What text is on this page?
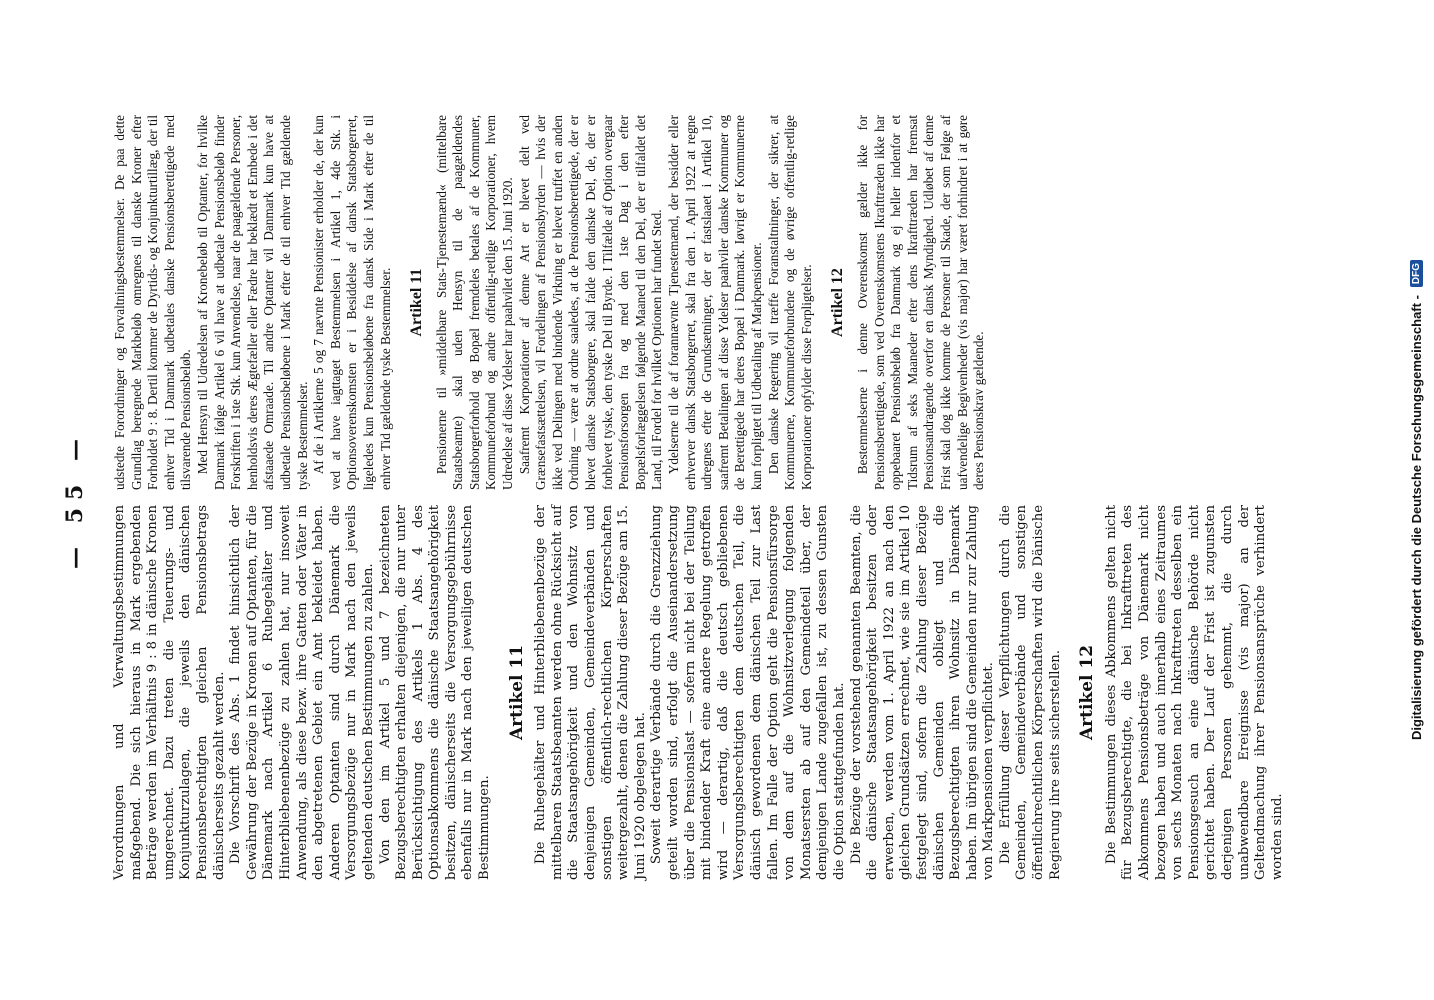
— 55 —

Verordnungen und Verwaltungsbestimmungen maßgebend. Die sich hieraus in Mark ergebenden Beträge werden im Verhältnis 9 : 8 in dänische Kronen umgerechnet. Dazu treten die Teuerungs- und Konjunkturzulagen, die jeweils den dänischen Pensionsberechtigten gleichen Pensionsbetrags dänischerseits gezahlt werden. Die Vorschrift des Abs. 1 findet hinsichtlich der Gewährung der Bezüge in Kronen auf Optanten, für die Dänemark nach Artikel 6 Ruhegehälter und Hinterbliebenenbezüge zu zahlen hat, nur insoweit Anwendung, als diese bezw. ihre Gatten oder Väter in den abgetretenen Gebiet ein Amt bekleidet haben. Anderen Optanten sind durch Dänemark die Versorgungsbezüge nur in Mark nach den jeweils geltenden deutschen Bestimmungen zu zahlen. Von den im Artikel 5 und 7 bezeichneten Bezugsberechtigten erhalten diejenigen, die nur unter Berücksichtigung des Artikels 1 Abs. 4 des Optionsabkommens die dänische Staatsangehörigkeit besitzen, dänischerseits die Versorgungsgebührnisse ebenfalls nur in Mark nach den jeweiligen deutschen Bestimmungen.

Artikel 11 Die Ruhegehälter und Hinterbliebenenbezüge der mittelbaren Staatsbeamten werden ohne Rücksicht auf die Staatsangehörigkeit und den Wohnsitz von denjenigen Gemeinden, Gemeindeverbänden und sonstigen öffentlich-rechtlichen Körperschaften weitergezahlt, denen die Zahlung dieser Bezüge am 15. Juni 1920 obgelegen hat. Soweit derartige Verbände durch die Grenzziehung geteilt worden sind, erfolgt die Auseinandersetzung über die Pensionslast — sofern nicht bei der Teilung mit bindender Kraft eine andere Regelung getroffen wird — derartig, daß die deutsch gebliebenen Versorgungsberechtigten dem deutschen Teil, die dänisch gewordenen dem dänischen Teil zur Last fallen. Im Falle der Option geht die Pensionsfürsorge von dem auf die Wohnsitzverlegung folgenden Monatsersten ab auf den Gemeindeteil über, der demjenigen Lande zugefallen ist, zu dessen Gunsten die Option stattgefunden hat. Die Bezüge der vorstehend genannten Beamten, die die dänische Staatsangehörigkeit besitzen oder erwerben, werden vom 1. April 1922 an nach den gleichen Grundsätzen errechnet, wie sie im Artikel 10 festgelegt sind, sofern die Zahlung dieser Bezüge dänischen Gemeinden obliegt und die Bezugsberechtigten ihren Wohnsitz in Dänemark haben. Im übrigen sind die Gemeinden nur zur Zahlung von Markpensionen verpflichtet. Die Erfüllung dieser Verpflichtungen durch die Gemeinden, Gemeindeverbände und sonstigen öffentlichrechtlichen Körperschaften wird die Dänische Regierung ihre seits sicherstellen. Artikel 12 Die Bestimmungen dieses Abkommens gelten nicht für Bezugsberechtigte, die bei Inkrafttreten des Abkommens Pensionsbeträge von Dänemark nicht bezogen haben und auch innerhalb eines Zeitraumes von sechs Monaten nach Inkrafttreten desselben ein Pensionsgesuch an eine dänische Behörde nicht gerichtet haben. Der Lauf der Frist ist zugunsten derjenigen Personen gehemmt, die durch unabwendbare Ereignisse (vis major) an der Geltendmachung ihrer Pensionsansprüche verhindert worden sind.

udstedte Forordninger og Forvaltningsbestemmelser. De paa dette Grundlag beregnede Markbeløb omregnes til danske Kroner efter Forholdet 9 : 8. Dertil kommer de Dyrtids- og Konjunkturtillæg, der til enhver Tid i Danmark udbetales danske Pensionsberettigede med tilsvarende Pensionsbeløb. Med Hensyn til Udredelsen af Kronebeløb til Optanter, for hvilke Danmark ifølge Artikel 6 vil have at udbetale Pensionsbeløb finder Forskriften i 1ste Stk. kun Anvendelse, naar de paagældende Personer, henholdsvis deres Ægtefæller eller Fædre har beklædt et Embede i det afstaaede Omraade. Til andre Optanter vil Danmark kun have at udbetale Pensionsbeløbene i Mark efter de til enhver Tid gældende tyske Bestemmelser. Af de i Artiklerne 5 og 7 nævnte Pensionister erholder de, der kun ved at have iagttaget Bestemmelsen i Artikel 1, 4de Stk. i Optionsoverenskomsten er i Besiddelse af dansk Statsborgerret, ligeledes kun Pensionsbeløbene fra dansk Side i Mark efter de til enhver Tid gældende tyske Bestemmelser. Artikel 11 Pensionerne til »middelbare Stats-Tjenestemænd« (mittelbare Staatsbeamte) skal uden Hensyn til de paagældendes Statsborgerforhold og Bopæl fremdeles betales af de Kommuner, Kommuneforbund og andre offentlig-retlige Korporationer, hvem Udredelse af disse Ydelser har paahvilet den 15. Juni 1920. Saafremt Korporationer af denne Art er blevet delt ved Grænsefastsættelsen, vil Fordelingen af Pensionsbyrden — hvis der ikke ved Delingen med bindende Virkning er blevet truffet en anden Ordning — være at ordne saaledes, at de Pensionsberettigede, der er blevet danske Statsborgere, skal falde den danske Del, de, der er forblevet tyske, den tyske Del til Byrde. I Tilfælde af Option overgaar Pensionsforsorgen fra og med den 1ste Dag i den efter Bopælsforlæggelsen følgende Maaned til den Del, der er tilfaldet det Land, til Fordel for hvilket Optionen har fundet Sted. Ydelserne til de af forannævnte Tjenestemænd, der besidder eller erhverver dansk Statsborgerret, skal fra den 1. April 1922 at regne udregnes efter de Grundsætninger, der er fastslaaet i Artikel 10, saafremt Betalingen af disse Ydelser paahviler danske Kommuner og de Berettigede har deres Bopæl i Danmark. Iøvrigt er Kommunerne kun forpligtet til Udbetaling af Markpensioner. Den danske Regering vil træffe Foranstaltninger, der sikrer, at Kommunerne, Kommuneforbundene og de øvrige offentlig-retlige Korporationer opfylder disse Forpligtelser. Artikel 12 Bestemmelserne i denne Overenskomst gælder ikke for Pensionsberettigede, som ved Overenskomstens Ikrafttræden ikke har oppebaaret Pensionsbeløb fra Danmark og ej heller indenfor et Tidsrum af seks Maaneder efter dens Ikrafttræden har fremsat Pensionsandragende overfor en dansk Myndighed. Udløbet af denne Frist skal dog ikke komme de Personer til Skade, der som Følge af uafvendelige Begivenheder (vis major) har været forhindret i at gøre deres Pensionskrav gældende.	Digitalisierung gefördert durch die Deutsche Forschungsgemeinschaft -
DFG
